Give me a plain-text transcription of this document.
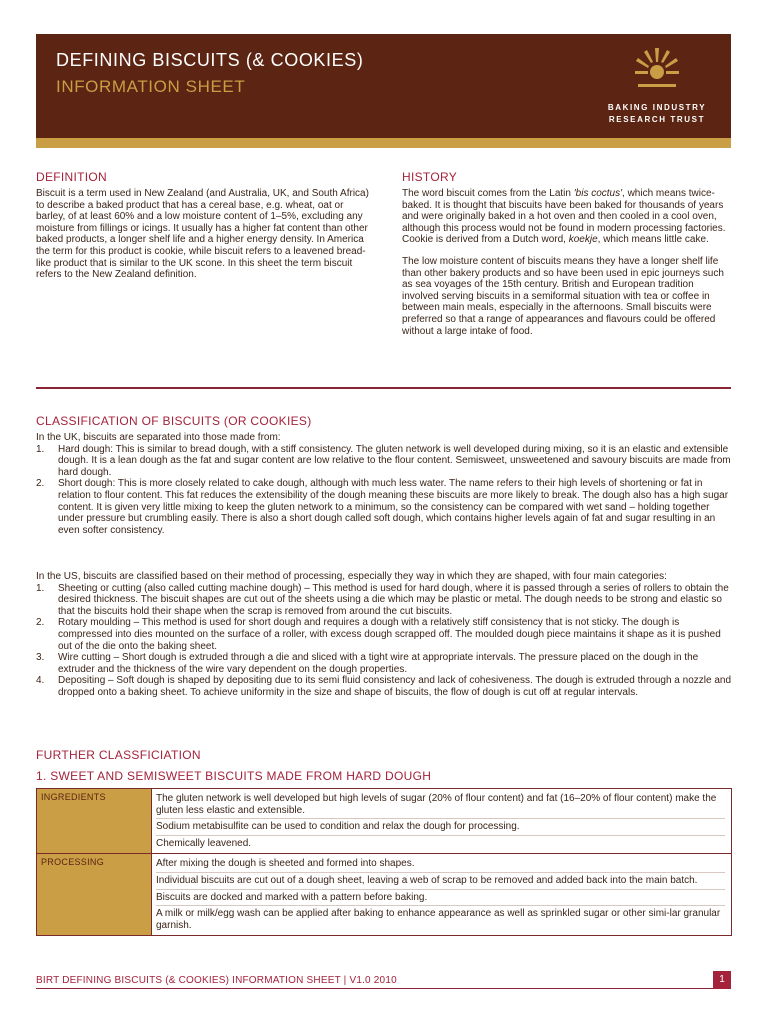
DEFINING BISCUITS (& COOKIES)
INFORMATION SHEET
BAKING INDUSTRY
RESEARCH TRUST
DEFINITION

Biscuit is a term used in New Zealand (and Australia, UK, and South Africa) to describe a baked product that has a cereal base, e.g. wheat, oat or barley, of at least 60% and a low moisture content of 1–5%, excluding any moisture from fillings or icings. It usually has a higher fat content than other baked products, a longer shelf life and a higher energy density. In America the term for this product is cookie, while biscuit refers to a leavened bread-like product that is similar to the UK scone. In this sheet the term biscuit refers to the New Zealand definition.

HISTORY

The word biscuit comes from the Latin 'bis coctus', which means twice-baked. It is thought that biscuits have been baked for thousands of years and were originally baked in a hot oven and then cooled in a cool oven, although this process would not be found in modern processing factories. Cookie is derived from a Dutch word, koekje, which means little cake.

The low moisture content of biscuits means they have a longer shelf life than other bakery products and so have been used in epic journeys such as sea voyages of the 15th century. British and European tradition involved serving biscuits in a semiformal situation with tea or coffee in between main meals, especially in the afternoons. Small biscuits were preferred so that a range of appearances and flavours could be offered without a large intake of food.

CLASSIFICATION OF BISCUITS (OR COOKIES)

In the UK, biscuits are separated into those made from:

1. Hard dough: This is similar to bread dough, with a stiff consistency. The gluten network is well developed during mixing, so it is an elastic and extensible dough. It is a lean dough as the fat and sugar content are low relative to the flour content. Semisweet, unsweetened and savoury biscuits are made from hard dough.
2. Short dough: This is more closely related to cake dough, although with much less water. The name refers to their high levels of shortening or fat in relation to flour content. This fat reduces the extensibility of the dough meaning these biscuits are more likely to break. The dough also has a high sugar content. It is given very little mixing to keep the gluten network to a minimum, so the consistency can be compared with wet sand – holding together under pressure but crumbling easily. There is also a short dough called soft dough, which contains higher levels again of fat and sugar resulting in an even softer consistency.

In the US, biscuits are classified based on their method of processing, especially they way in which they are shaped, with four main categories:

1. Sheeting or cutting (also called cutting machine dough) – This method is used for hard dough, where it is passed through a series of rollers to obtain the desired thickness. The biscuit shapes are cut out of the sheets using a die which may be plastic or metal. The dough needs to be strong and elastic so that the biscuits hold their shape when the scrap is removed from around the cut biscuits.
2. Rotary moulding – This method is used for short dough and requires a dough with a relatively stiff consistency that is not sticky. The dough is compressed into dies mounted on the surface of a roller, with excess dough scrapped off. The moulded dough piece maintains it shape as it is pushed out of the die onto the baking sheet.
3. Wire cutting – Short dough is extruded through a die and sliced with a tight wire at appropriate intervals. The pressure placed on the dough in the extruder and the thickness of the wire vary dependent on the dough properties.
4. Depositing – Soft dough is shaped by depositing due to its semi fluid consistency and lack of cohesiveness. The dough is extruded through a nozzle and dropped onto a baking sheet. To achieve uniformity in the size and shape of biscuits, the flow of dough is cut off at regular intervals.
FURTHER CLASSFICIATION
1. SWEET AND SEMISWEET BISCUITS MADE FROM HARD DOUGH
INGREDIENTS	The gluten network is well developed but high levels of sugar (20% of flour content) and fat (16–20% of flour content) make the gluten less elastic and extensible.

Sodium metabisulfite can be used to condition and relax the dough for processing.

Chemically leavened.

PROCESSING	After mixing the dough is sheeted and formed into shapes.

Individual biscuits are cut out of a dough sheet, leaving a web of scrap to be removed and added back into the main batch.

Biscuits are docked and marked with a pattern before baking.

A milk or milk/egg wash can be applied after baking to enhance appearance as well as sprinkled sugar or other simi-lar granular garnish.

BIRT DEFINING BISCUITS (& COOKIES) INFORMATION SHEET | V1.0 2010	1
